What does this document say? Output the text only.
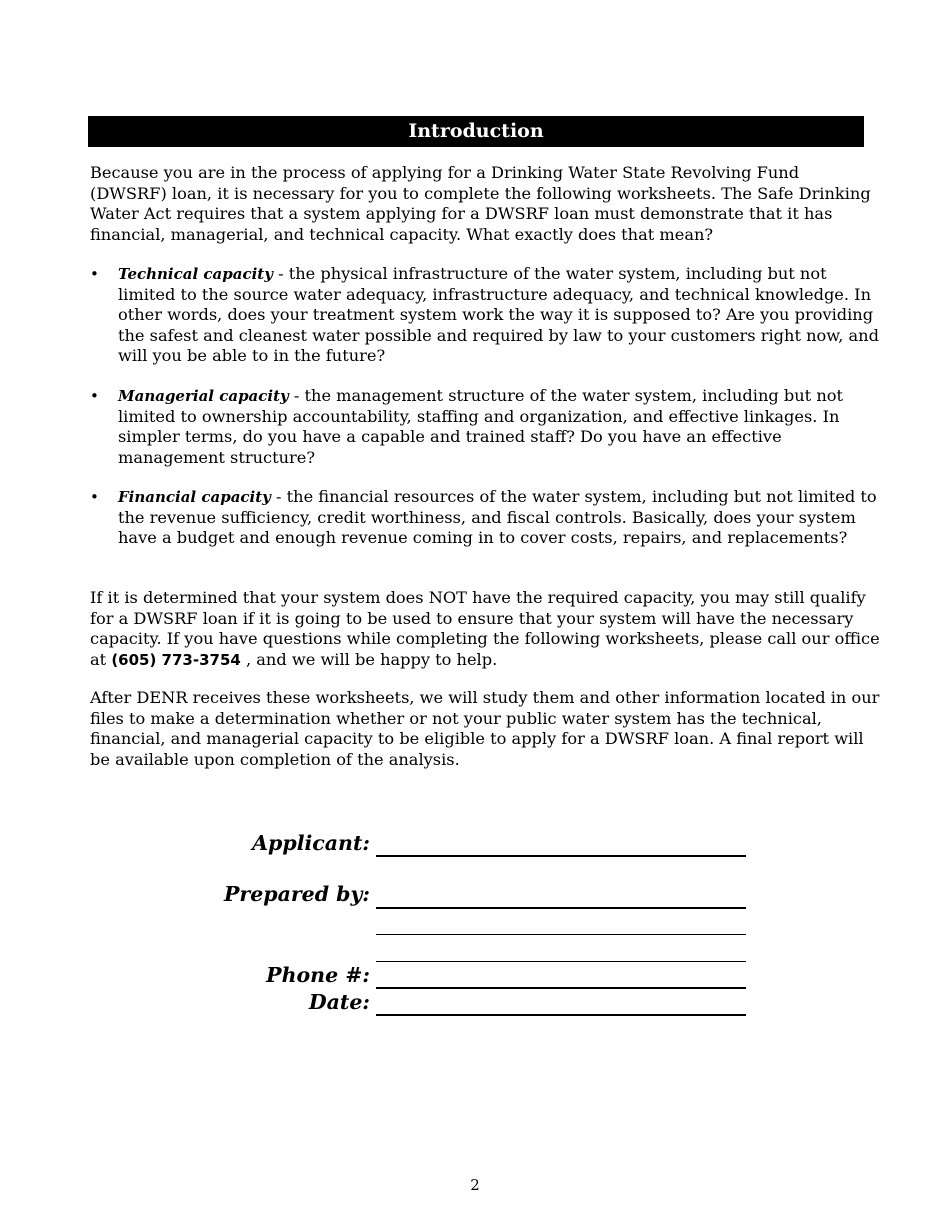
Introduction

Because you are in the process of applying for a Drinking Water State Revolving Fund (DWSRF) loan, it is necessary for you to complete the following worksheets. The Safe Drinking Water Act requires that a system applying for a DWSRF loan must demonstrate that it has financial, managerial, and technical capacity. What exactly does that mean?

•	Technical capacity - the physical infrastructure of the water system, including but not limited to the source water adequacy, infrastructure adequacy, and technical knowledge. In other words, does your treatment system work the way it is supposed to? Are you providing the safest and cleanest water possible and required by law to your customers right now, and will you be able to in the future?
•	Managerial capacity - the management structure of the water system, including but not limited to ownership accountability, staffing and organization, and effective linkages. In simpler terms, do you have a capable and trained staff? Do you have an effective management structure?
•	Financial capacity - the financial resources of the water system, including but not limited to the revenue sufficiency, credit worthiness, and fiscal controls. Basically, does your system have a budget and enough revenue coming in to cover costs, repairs, and replacements?

If it is determined that your system does NOT have the required capacity, you may still qualify for a DWSRF loan if it is going to be used to ensure that your system will have the necessary capacity. If you have questions while completing the following worksheets, please call our office at (605) 773-3754 , and we will be happy to help.

After DENR receives these worksheets, we will study them and other information located in our files to make a determination whether or not your public water system has the technical, financial, and managerial capacity to be eligible to apply for a DWSRF loan. A final report will be available upon completion of the analysis.

Applicant:
Prepared by:
Phone #:
Date:
2
